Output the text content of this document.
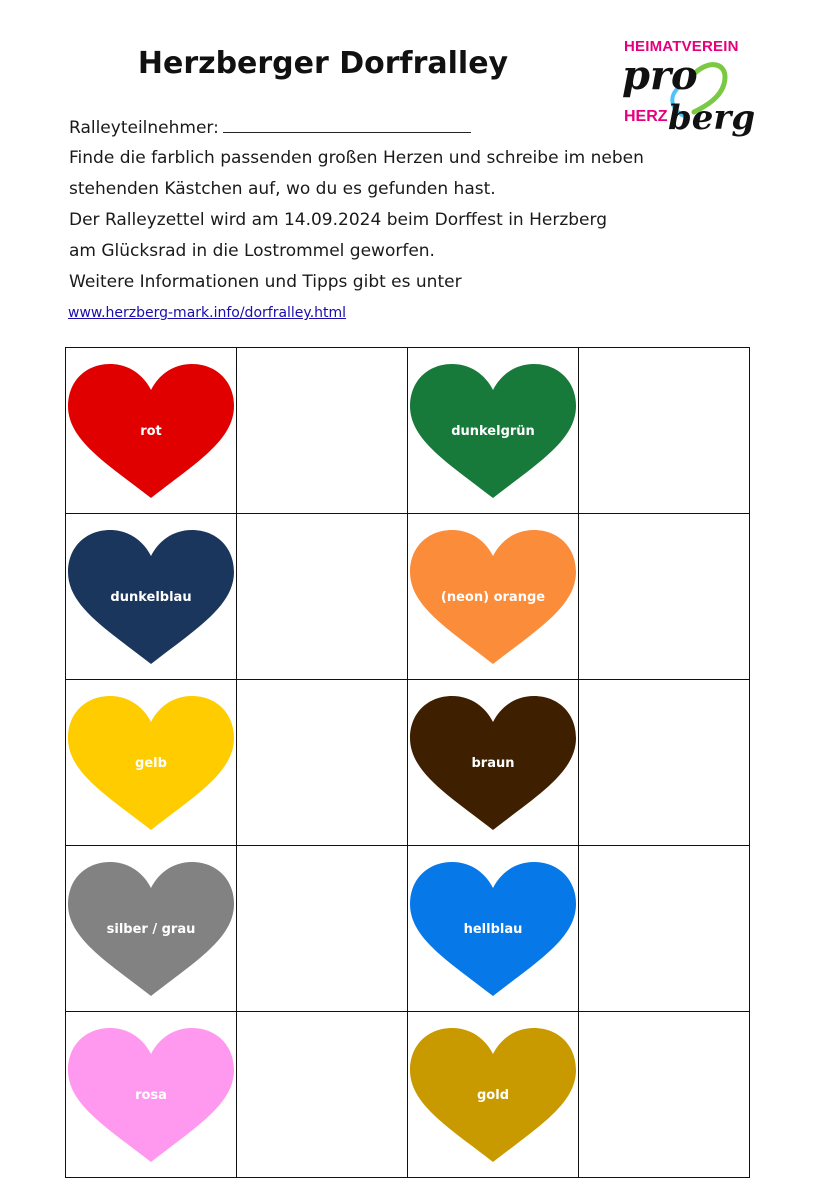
Herzberger Dorfralley	HEIMATVEREIN
pro
HERZ berg
Ralleyteilnehmer:
Finde die farblich passenden großen Herzen und schreibe im neben
stehenden Kästchen auf, wo du es gefunden hast.
Der Ralleyzettel wird am 14.09.2024 beim Dorffest in Herzberg
am Glücksrad in die Lostrommel geworfen.
Weitere Informationen und Tipps gibt es unter
www.herzberg-mark.info/dorfralley.html
rot		dunkelgrün	

dunkelblau		(neon) orange	

gelb		braun	

silber / grau		hellblau	

rosa		gold	
